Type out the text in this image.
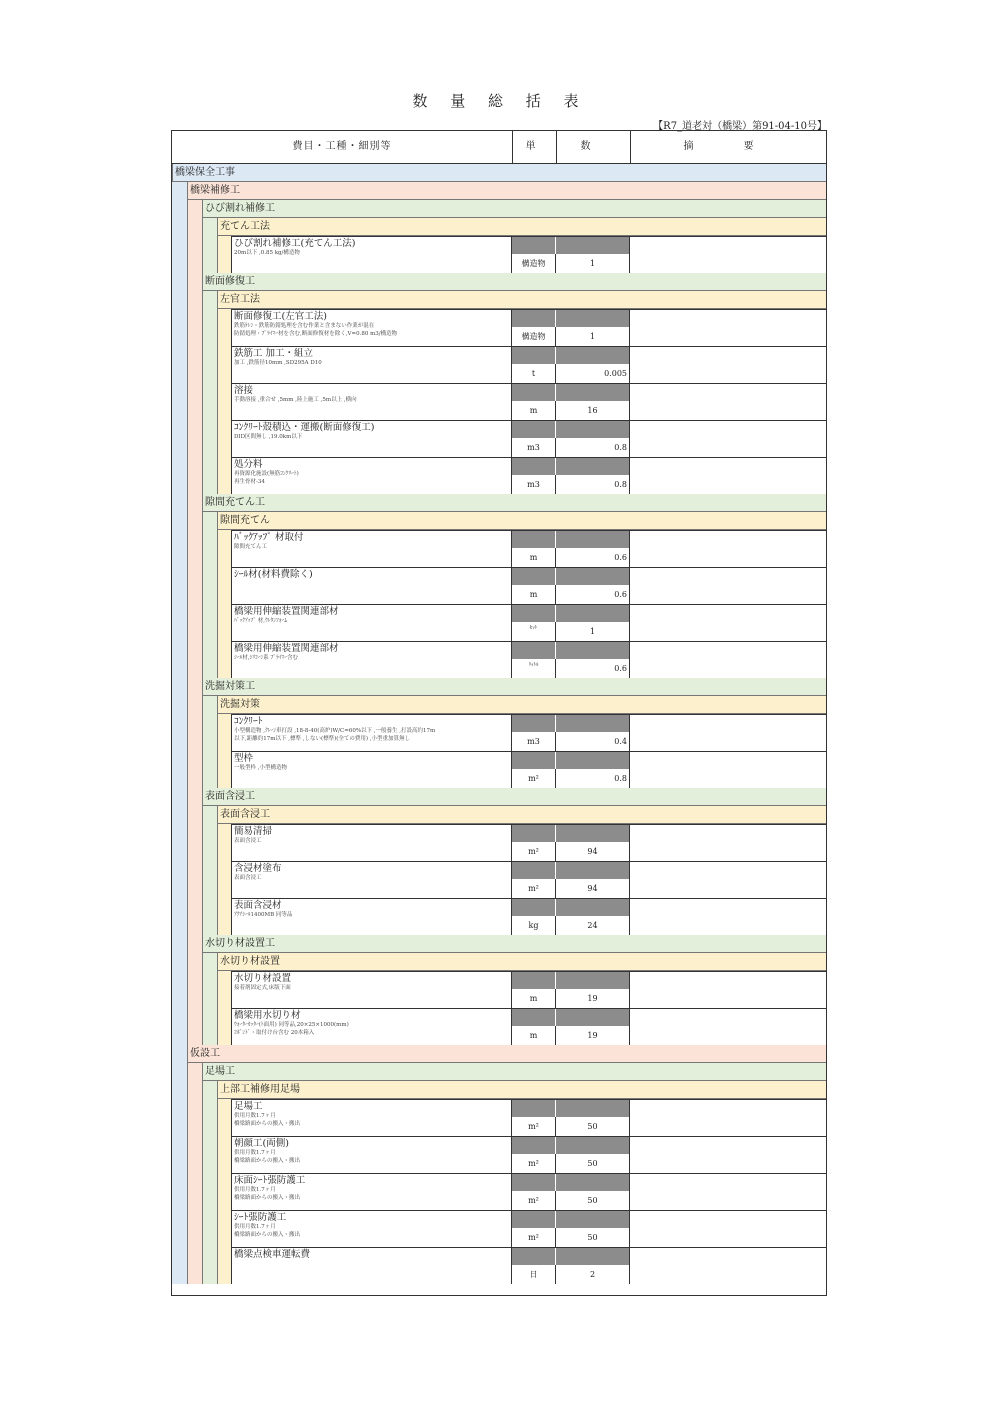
数 量 総 括 表
【R7_道老対（橋梁）第91-04-10号】
費目・工種・細別等	単	数　	摘　要
橋梁保全工事
橋梁補修工
ひび割れ補修工
充てん工法
ひび割れ補修工(充てん工法)
20m以下 ,0.85 kg/構造物
構造物	1
断面修復工
左官工法
断面修復工(左官工法)
鉄筋ｹﾚﾝ・鉄筋防錆処理を含む作業と含まない作業が混在
防錆処理・ﾌﾟﾗｲﾏｰ材を含む,断面修復材を除く,V=0.80 m3/構造物	構造物	1
鉄筋工 加工・組立
加工 ,鉄筋径10mm ,SD295A D10
t	0.005
溶接
手動溶接 ,重合せ ,5mm ,陸上施工 ,5m以上 ,横向
m	16
ｺﾝｸﾘｰﾄ殻積込・運搬(断面修復工)
DID区間無し ,19.0km以下
m3	0.8
処分料
再資源化施設(無筋ｺﾝｸﾘｰﾄ)
再生骨材-34	m3	0.8
隙間充てん工
隙間充てん
ﾊﾞｯｸｱｯﾌﾟ 材取付
隙間充てん工
m	0.6
ｼｰﾙ材(材料費除く)
m	0.6
橋梁用伸縮装置関連部材
ﾊﾞｯｸｱｯﾌﾟ 材,ｳﾚﾀﾝﾌｫｰﾑ
ｾｯﾄ	1
橋梁用伸縮装置関連部材
ｼｰﾙ材,ｼﾘｺｰﾝ系 ﾌﾟﾗｲﾏｰ含む
ﾘｯﾄﾙ	0.6
洗掘対策工
洗掘対策
ｺﾝｸﾘｰﾄ
小型構造物 ,ｸﾚｰﾝ車打設 ,18-8-40(高炉)W/C=60%以下 ,一般養生 ,打設高約17m
以下,距離約17m以下 ,標準 ,しない(標準)(全ての費用) ,小型重加算無し	m3	0.4
型枠
一般型枠 ,小型構造物
m²	0.8
表面含浸工
表面含浸工
簡易清掃
表面含浸工
m²	94
含浸材塗布
表面含浸工
m²	94
表面含浸材
ｱｸｱｼｰﾙ1400MB 同等品
kg	24
水切り材設置工
水切り材設置
水切り材設置
接着剤固定式,床版下面
m	19
橋梁用水切り材
ｳｫｰﾀｰｶｯﾀｰ(ﾄ面用) 同等品,20×25×1000(mm)
ｺﾎﾞﾝﾄﾞ・取付け台含む 20本箱入	m	19
仮設工
足場工
上部工補修用足場
足場工
供用月数1.7ヶ月
橋梁路面からの搬入・搬出	m²	50
朝顔工(両側)
供用月数1.7ヶ月
橋梁路面からの搬入・搬出	m²	50
床面ｼｰﾄ張防護工
供用月数1.7ヶ月
橋梁路面からの搬入・搬出	m²	50
ｼｰﾄ張防護工
供用月数1.7ヶ月
橋梁路面からの搬入・搬出	m²	50
橋梁点検車運転費
日	2
